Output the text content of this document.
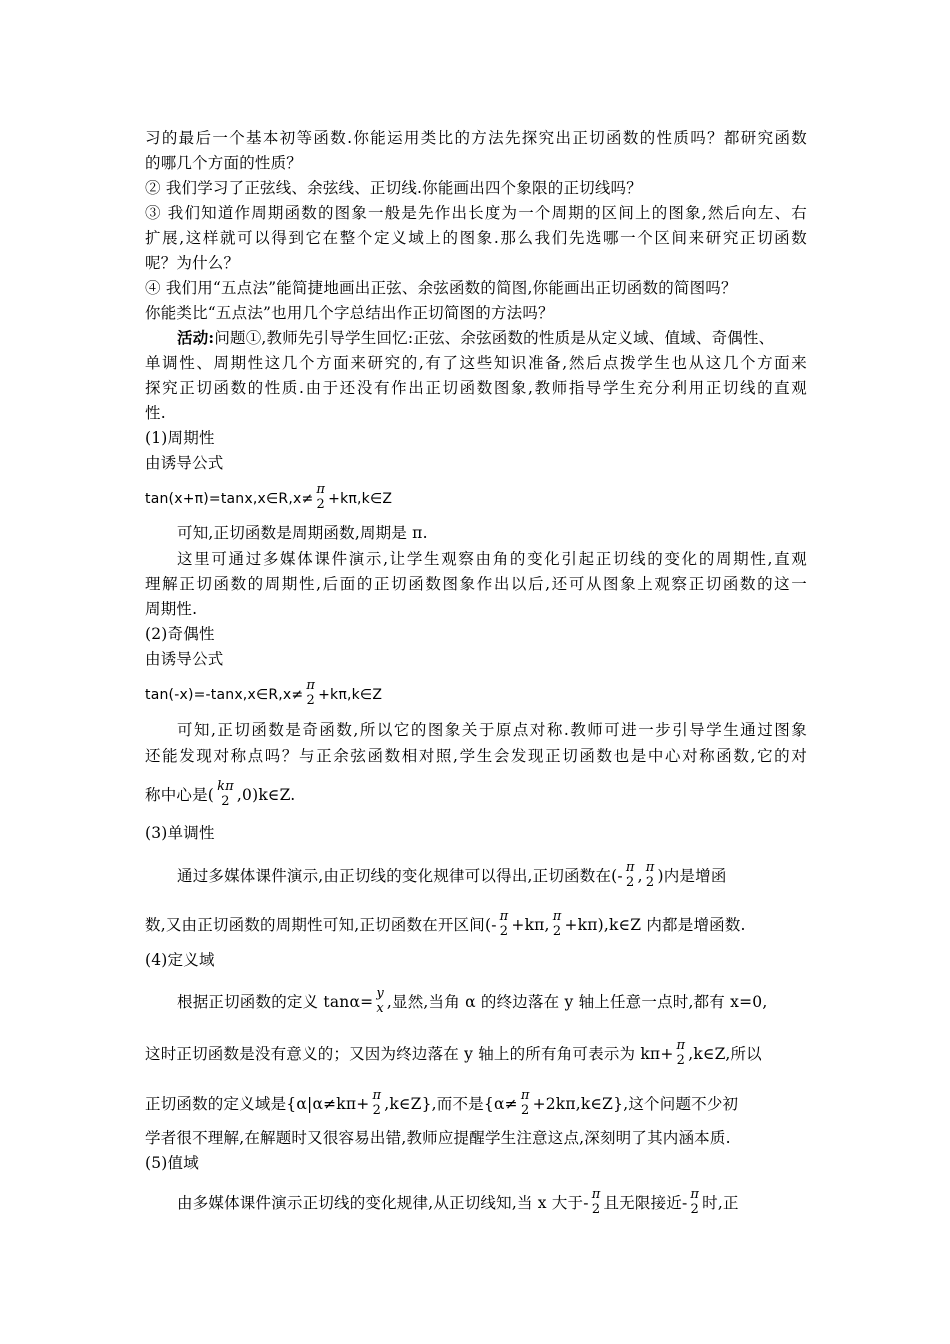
习的最后一个基本初等函数.你能运用类比的方法先探究出正切函数的性质吗？都研究函数
的哪几个方面的性质？
② 我们学习了正弦线、余弦线、正切线.你能画出四个象限的正切线吗？
③ 我们知道作周期函数的图象一般是先作出长度为一个周期的区间上的图象,然后向左、右
扩展,这样就可以得到它在整个定义域上的图象.那么我们先选哪一个区间来研究正切函数
呢？为什么？
④ 我们用“五点法”能简捷地画出正弦、余弦函数的简图,你能画出正切函数的简图吗？
你能类比“五点法”也用几个字总结出作正切简图的方法吗？
活动:问题①,教师先引导学生回忆:正弦、余弦函数的性质是从定义域、值域、奇偶性、
单调性、周期性这几个方面来研究的,有了这些知识准备,然后点拨学生也从这几个方面来
探究正切函数的性质.由于还没有作出正切函数图象,教师指导学生充分利用正切线的直观
性.
(1)周期性
由诱导公式
tan(x+π)=tanx,x∈R,x≠
π
2 +kπ,k∈Z
可知,正切函数是周期函数,周期是 π.
这里可通过多媒体课件演示,让学生观察由角的变化引起正切线的变化的周期性,直观
理解正切函数的周期性,后面的正切函数图象作出以后,还可从图象上观察正切函数的这一
周期性.
(2)奇偶性
由诱导公式
tan(-x)=-tanx,x∈R,x≠
π
2 +kπ,k∈Z
可知,正切函数是奇函数,所以它的图象关于原点对称.教师可进一步引导学生通过图象
还能发现对称点吗？与正余弦函数相对照,学生会发现正切函数也是中心对称函数,它的对
称中心是( kπ
2 ,0)k∈Z.
(3)单调性
通过多媒体课件演示,由正切线的变化规律可以得出,正切函数在(- π
2 , π
2 )内是增函
数,又由正切函数的周期性可知,正切函数在开区间(- π
2 +kπ, π
2 +kπ),k∈Z 内都是增函数.
(4)定义域
根据正切函数的定义 tanα= y
x ,显然,当角 α 的终边落在 y 轴上任意一点时,都有 x=0,
这时正切函数是没有意义的；又因为终边落在 y 轴上的所有角可表示为 kπ+ π
2 ,k∈Z,所以
正切函数的定义域是{α|α≠kπ+ π
2 ,k∈Z},而不是{α≠ π
2 +2kπ,k∈Z},这个问题不少初
学者很不理解,在解题时又很容易出错,教师应提醒学生注意这点,深刻明了其内涵本质.
(5)值域
由多媒体课件演示正切线的变化规律,从正切线知,当 x 大于- π
2 且无限接近- π
2 时,正
